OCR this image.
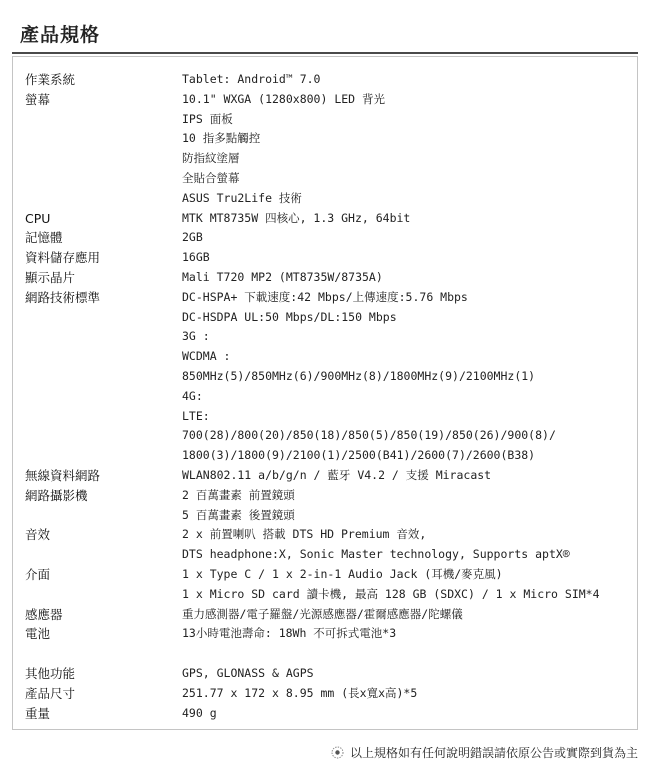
產品規格
作業系統	Tablet: Android™ 7.0
螢幕	10.1" WXGA (1280x800) LED 背光
IPS 面板
10 指多點觸控
防指紋塗層
全貼合螢幕
ASUS Tru2Life 技術
CPU	MTK MT8735W 四核心, 1.3 GHz, 64bit
記憶體	2GB
資料儲存應用	16GB
顯示晶片	Mali T720 MP2 (MT8735W/8735A)
網路技術標準	DC-HSPA+ 下載速度:42 Mbps/上傳速度:5.76 Mbps
DC-HSDPA UL:50 Mbps/DL:150 Mbps
3G :
WCDMA :
850MHz(5)/850MHz(6)/900MHz(8)/1800MHz(9)/2100MHz(1)
4G:
LTE:
700(28)/800(20)/850(18)/850(5)/850(19)/850(26)/900(8)/
1800(3)/1800(9)/2100(1)/2500(B41)/2600(7)/2600(B38)
無線資料網路	WLAN802.11 a/b/g/n / 藍牙 V4.2 / 支援 Miracast
網路攝影機	2 百萬畫素 前置鏡頭
5 百萬畫素 後置鏡頭
音效	2 x 前置喇叭 搭載 DTS HD Premium 音效,
DTS headphone:X, Sonic Master technology, Supports aptX®
介面	1 x Type C / 1 x 2-in-1 Audio Jack (耳機/麥克風)
1 x Micro SD card 讀卡機, 最高 128 GB (SDXC) / 1 x Micro SIM*4
感應器	重力感測器/電子羅盤/光源感應器/霍爾感應器/陀螺儀
電池	13小時電池壽命: 18Wh 不可拆式電池*3
其他功能	GPS, GLONASS & AGPS
產品尺寸	251.77 x 172 x 8.95 mm (長x寬x高)*5
重量	490 g
以上規格如有任何說明錯誤請依原公告或實際到貨為主
